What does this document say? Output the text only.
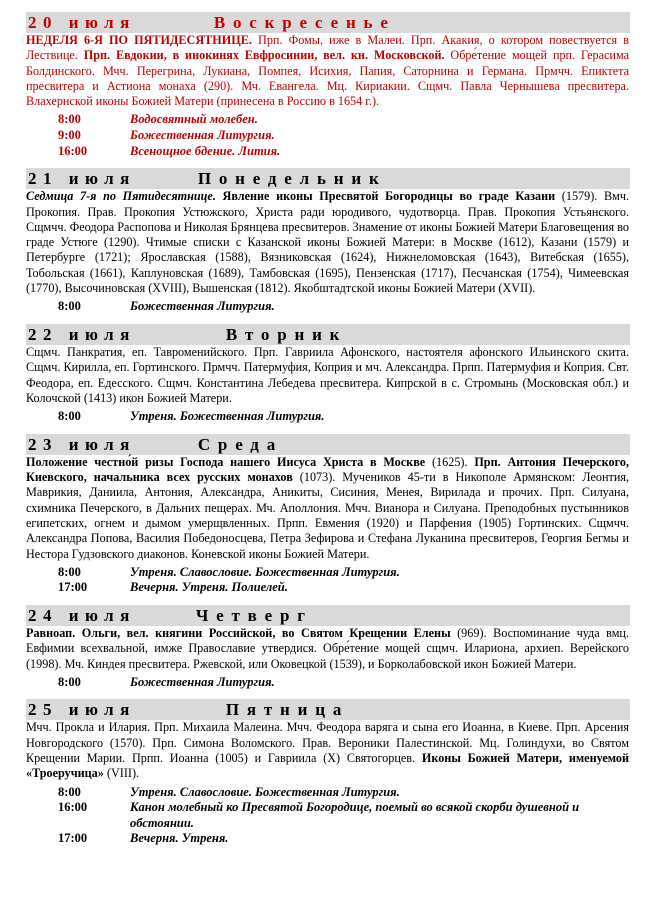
20 июля	Воскресенье
НЕДЕЛЯ 6-Я ПО ПЯТИДЕСЯТНИЦЕ. Прп. Фомы, иже в Малеи. Прп. Акакия, о котором повествуется в Лествице. Прп. Евдокии, в инокинях Евфросинии, вел. кн. Московской. Обре́тение мощей прп. Герасима Болдинского. Мчч. Перегрина, Лукиана, Помпея, Исихия, Папия, Саторнина и Германа. Прмчч. Епиктета пресвитера и Астиона монаха (290). Мч. Евангела. Мц. Кириакии. Сщмч. Павла Чернышева пресвитера. Влахернской иконы Божией Матери (принесена в Россию в 1654 г.).
8:00	Водосвятный молебен.
9:00	Божественная Литургия.
16:00	Всенощное бдение. Лития.
21 июля	Понедельник
Седмица 7-я по Пятидесятнице. Явление иконы Пресвятой Богородицы во граде Казани (1579). Вмч. Прокопия. Прав. Прокопия Устюжского, Христа ради юродивого, чудотворца. Прав. Прокопия Устьянского. Сщмчч. Феодора Распопова и Николая Брянцева пресвитеров. Знамение от иконы Божией Матери Благовещения во граде Устюге (1290). Чтимые списки с Казанской иконы Божией Матери: в Москве (1612), Казани (1579) и Петербурге (1721); Ярославская (1588), Вязниковская (1624), Нижнеломовская (1643), Витебская (1655), Тобольская (1661), Каплуновская (1689), Тамбовская (1695), Пензенская (1717), Песчанская (1754), Чимеевская (1770), Высочиновская (XVIII), Вышенская (1812). Якобштадтской иконы Божией Матери (XVII).
8:00	Божественная Литургия.
22 июля	Вторник
Сщмч. Панкратия, еп. Тавроменийского. Прп. Гавриила Афонского, настоятеля афонского Ильинского скита. Сщмч. Кирилла, еп. Гортинского. Прмчч. Патермуфия, Коприя и мч. Александра. Прпп. Патермуфия и Коприя. Свт. Феодора, еп. Едесского. Сщмч. Константина Лебедева пресвитера. Кипрской в с. Стромынь (Московская обл.) и Колочской (1413) икон Божией Матери.
8:00	Утреня. Божественная Литургия.
23 июля	Среда
Положение честно́й ризы Господа нашего Иисуса Христа в Москве (1625). Прп. Антония Печерского, Киевского, начальника всех русских монахов (1073). Мучеников 45-ти в Никополе Армянском: Леонтия, Маврикия, Даниила, Антония, Александра, Аникиты, Сисиния, Менея, Вирилада и прочих. Прп. Силуана, схимника Печерского, в Дальних пещерах. Мч. Аполлония. Мчч. Вианора и Силуана. Преподобных пустынников египетских, огнем и дымом умерщвленных. Прпп. Евмения (1920) и Парфения (1905) Гортинских. Сщмчч. Александра Попова, Василия Победоносцева, Петра Зефирова и Стефана Луканина пресвитеров, Георгия Бегмы и Нестора Гудзовского диаконов. Коневской иконы Божией Матери.
8:00	Утреня. Славословие. Божественная Литургия.
17:00	Вечерня. Утреня. Полиелей.
24 июля	Четверг
Равноап. Ольги, вел. княгини Российской, во Святом Крещении Елены (969). Воспоминание чуда вмц. Евфимии всехвальной, имже Православие утвердися. Обре́тение мощей сщмч. Илариона, архиеп. Верейского (1998). Мч. Киндея пресвитера. Ржевской, или Оковецкой (1539), и Борколабовской икон Божией Матери.
8:00	Божественная Литургия.
25 июля	Пятница
Мчч. Прокла и Илария. Прп. Михаила Малеина. Мчч. Феодора варяга и сына его Иоанна, в Киеве. Прп. Арсения Новгородского (1570). Прп. Симона Воломского. Прав. Вероники Палестинской. Мц. Голиндухи, во Святом Крещении Марии. Прпп. Иоанна (1005) и Гавриила (X) Святогорцев. Иконы Божией Матери, именуемой «Троеручица» (VIII).
8:00	Утреня. Славословие. Божественная Литургия.
16:00	Канон молебный ко Пресвятой Богородице, поемый во всякой скорби душевной и обстоянии.
17:00	Вечерня. Утреня.
